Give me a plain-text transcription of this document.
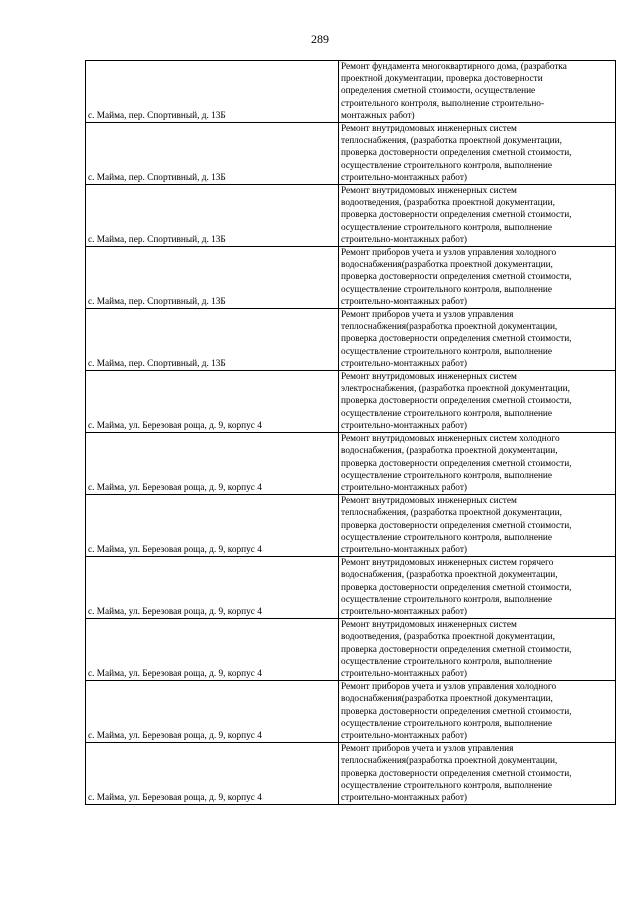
289
с. Майма, пер. Спортивный, д. 13Б	Ремонт фундамента многоквартирного дома, (разработка
проектной документации, проверка достоверности
определения сметной стоимости, осуществление
строительного контроля, выполнение строительно-
монтажных работ)
с. Майма, пер. Спортивный, д. 13Б	Ремонт внутридомовых инженерных систем
теплоснабжения, (разработка проектной документации,
проверка достоверности определения сметной стоимости,
осуществление строительного контроля, выполнение
строительно-монтажных работ)
с. Майма, пер. Спортивный, д. 13Б	Ремонт внутридомовых инженерных систем
водоотведения, (разработка проектной документации,
проверка достоверности определения сметной стоимости,
осуществление строительного контроля, выполнение
строительно-монтажных работ)
с. Майма, пер. Спортивный, д. 13Б	Ремонт приборов учета и узлов управления холодного
водоснабжения(разработка проектной документации,
проверка достоверности определения сметной стоимости,
осуществление строительного контроля, выполнение
строительно-монтажных работ)
с. Майма, пер. Спортивный, д. 13Б	Ремонт приборов учета и узлов управления
теплоснабжения(разработка проектной документации,
проверка достоверности определения сметной стоимости,
осуществление строительного контроля, выполнение
строительно-монтажных работ)
с. Майма, ул. Березовая роща, д. 9, корпус 4	Ремонт внутридомовых инженерных систем
электроснабжения, (разработка проектной документации,
проверка достоверности определения сметной стоимости,
осуществление строительного контроля, выполнение
строительно-монтажных работ)
с. Майма, ул. Березовая роща, д. 9, корпус 4	Ремонт внутридомовых инженерных систем холодного
водоснабжения, (разработка проектной документации,
проверка достоверности определения сметной стоимости,
осуществление строительного контроля, выполнение
строительно-монтажных работ)
с. Майма, ул. Березовая роща, д. 9, корпус 4	Ремонт внутридомовых инженерных систем
теплоснабжения, (разработка проектной документации,
проверка достоверности определения сметной стоимости,
осуществление строительного контроля, выполнение
строительно-монтажных работ)
с. Майма, ул. Березовая роща, д. 9, корпус 4	Ремонт внутридомовых инженерных систем горячего
водоснабжения, (разработка проектной документации,
проверка достоверности определения сметной стоимости,
осуществление строительного контроля, выполнение
строительно-монтажных работ)
с. Майма, ул. Березовая роща, д. 9, корпус 4	Ремонт внутридомовых инженерных систем
водоотведения, (разработка проектной документации,
проверка достоверности определения сметной стоимости,
осуществление строительного контроля, выполнение
строительно-монтажных работ)
с. Майма, ул. Березовая роща, д. 9, корпус 4	Ремонт приборов учета и узлов управления холодного
водоснабжения(разработка проектной документации,
проверка достоверности определения сметной стоимости,
осуществление строительного контроля, выполнение
строительно-монтажных работ)
с. Майма, ул. Березовая роща, д. 9, корпус 4	Ремонт приборов учета и узлов управления
теплоснабжения(разработка проектной документации,
проверка достоверности определения сметной стоимости,
осуществление строительного контроля, выполнение
строительно-монтажных работ)
